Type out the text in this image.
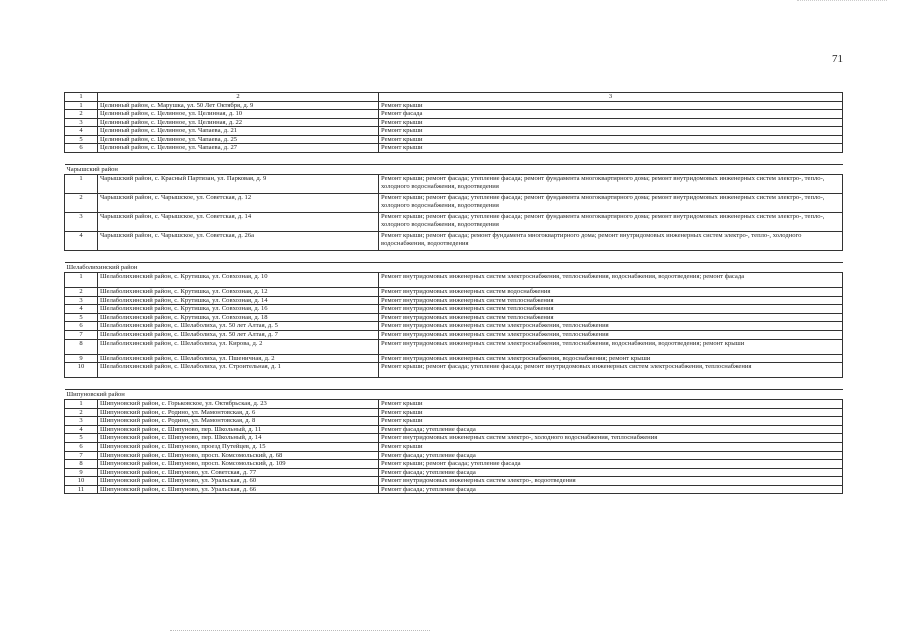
71
1	2	3
1	Целинный район, с. Марушка, ул. 50 Лет Октября, д. 9	Ремонт крыши
2	Целинный район, с. Целинное, ул. Целинная, д. 10	Ремонт фасада
3	Целинный район, с. Целинное, ул. Целинная, д. 22	Ремонт крыши
4	Целинный район, с. Целинное, ул. Чапаева, д. 21	Ремонт крыши
5	Целинный район, с. Целинное, ул. Чапаева, д. 25	Ремонт крыши
6	Целинный район, с. Целинное, ул. Чапаева, д. 27	Ремонт крыши

Чарышский район		
1	Чарышский район, с. Красный Партизан, ул. Парковая, д. 9	Ремонт крыши; ремонт фасада; утепление фасада; ремонт фундамента многоквартирного дома; ремонт внутридомовых инженерных систем электро-, тепло-, холодного водоснабжения, водоотведения
2	Чарышский район, с. Чарышское, ул. Советская, д. 12	Ремонт крыши; ремонт фасада; утепление фасада; ремонт фундамента многоквартирного дома; ремонт внутридомовых инженерных систем электро-, тепло-, холодного водоснабжения, водоотведения
3	Чарышский район, с. Чарышское, ул. Советская, д. 14	Ремонт крыши; ремонт фасада; утепление фасада; ремонт фундамента многоквартирного дома; ремонт внутридомовых инженерных систем электро-, тепло-, холодного водоснабжения, водоотведения
4	Чарышский район, с. Чарышское, ул. Советская, д. 26а	Ремонт крыши; ремонт фасада; ремонт фундамента многоквартирного дома; ремонт внутридомовых инженерных систем электро-, тепло-, холодного водоснабжения, водоотведения

Шелаболихинский район		
1	Шелаболихинский район, с. Крутишка, ул. Совхозная, д. 10	Ремонт внутридомовых инженерных систем электроснабжения, теплоснабжения, водоснабжения, водоотведения; ремонт фасада
2	Шелаболихинский район, с. Крутишка, ул. Совхозная, д. 12	Ремонт внутридомовых инженерных систем водоснабжения
3	Шелаболихинский район, с. Крутишка, ул. Совхозная, д. 14	Ремонт внутридомовых инженерных систем теплоснабжения
4	Шелаболихинский район, с. Крутишка, ул. Совхозная, д. 16	Ремонт внутридомовых инженерных систем теплоснабжения
5	Шелаболихинский район, с. Крутишка, ул. Совхозная, д. 18	Ремонт внутридомовых инженерных систем теплоснабжения
6	Шелаболихинский район, с. Шелаболиха, ул. 50 лет Алтая, д. 5	Ремонт внутридомовых инженерных систем электроснабжения, теплоснабжения
7	Шелаболихинский район, с. Шелаболиха, ул. 50 лет Алтая, д. 7	Ремонт внутридомовых инженерных систем электроснабжения, теплоснабжения
8	Шелаболихинский район, с. Шелаболиха, ул. Кирова, д. 2	Ремонт внутридомовых инженерных систем электроснабжения, теплоснабжения, водоснабжения, водоотведения; ремонт крыши
9	Шелаболихинский район, с. Шелаболиха, ул. Пшеничная, д. 2	Ремонт внутридомовых инженерных систем электроснабжения, водоснабжения; ремонт крыши
10	Шелаболихинский район, с. Шелаболиха, ул. Строительная, д. 1	Ремонт крыши; ремонт фасада; утепление фасада; ремонт внутридомовых инженерных систем электроснабжения, теплоснабжения

Шипуновский район		
1	Шипуновский район, с. Горьковское, ул. Октябрьская, д. 23	Ремонт крыши
2	Шипуновский район, с. Родино, ул. Мамонтовская, д. 6	Ремонт крыши
3	Шипуновский район, с. Родино, ул. Мамонтовская, д. 8	Ремонт крыши
4	Шипуновский район, с. Шипуново, пер. Школьный, д. 11	Ремонт фасада; утепление фасада
5	Шипуновский район, с. Шипуново, пер. Школьный, д. 14	Ремонт внутридомовых инженерных систем электро-, холодного водоснабжения, теплоснабжения
6	Шипуновский район, с. Шипуново, проезд Путейцев, д. 15	Ремонт крыши
7	Шипуновский район, с. Шипуново, просп. Комсомольский, д. 68	Ремонт фасада; утепление фасада
8	Шипуновский район, с. Шипуново, просп. Комсомольский, д. 109	Ремонт крыши; ремонт фасада; утепление фасада
9	Шипуновский район, с. Шипуново, ул. Советская, д. 77	Ремонт фасада; утепление фасада
10	Шипуновский район, с. Шипуново, ул. Уральская, д. 60	Ремонт внутридомовых инженерных систем электро-, водоотведения
11	Шипуновский район, с. Шипуново, ул. Уральская, д. 66	Ремонт фасада; утепление фасада
